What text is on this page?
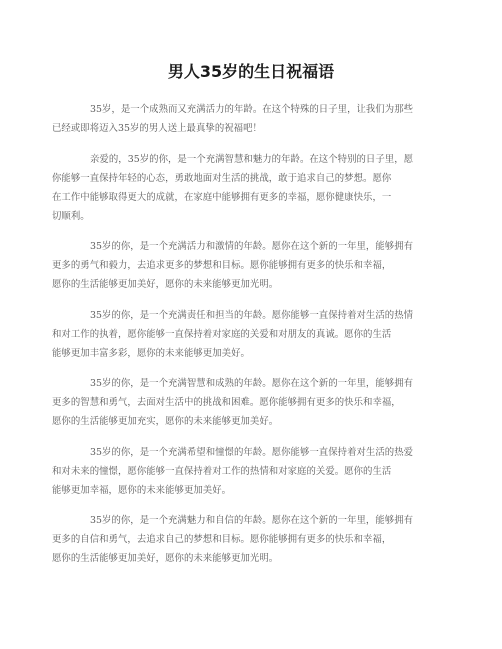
男人35岁的生日祝福语

35岁，是一个成熟而又充满活力的年龄。在这个特殊的日子里，让我们为那些
已经或即将迈入35岁的男人送上最真挚的祝福吧！

亲爱的，35岁的你，是一个充满智慧和魅力的年龄。在这个特别的日子里，愿
你能够一直保持年轻的心态，勇敢地面对生活的挑战，敢于追求自己的梦想。愿你
在工作中能够取得更大的成就，在家庭中能够拥有更多的幸福，愿你健康快乐，一
切顺利。

35岁的你，是一个充满活力和激情的年龄。愿你在这个新的一年里，能够拥有
更多的勇气和毅力，去追求更多的梦想和目标。愿你能够拥有更多的快乐和幸福，
愿你的生活能够更加美好，愿你的未来能够更加光明。

35岁的你，是一个充满责任和担当的年龄。愿你能够一直保持着对生活的热情
和对工作的执着，愿你能够一直保持着对家庭的关爱和对朋友的真诚。愿你的生活
能够更加丰富多彩，愿你的未来能够更加美好。

35岁的你，是一个充满智慧和成熟的年龄。愿你在这个新的一年里，能够拥有
更多的智慧和勇气，去面对生活中的挑战和困难。愿你能够拥有更多的快乐和幸福，
愿你的生活能够更加充实，愿你的未来能够更加美好。

35岁的你，是一个充满希望和憧憬的年龄。愿你能够一直保持着对生活的热爱
和对未来的憧憬，愿你能够一直保持着对工作的热情和对家庭的关爱。愿你的生活
能够更加幸福，愿你的未来能够更加美好。

35岁的你，是一个充满魅力和自信的年龄。愿你在这个新的一年里，能够拥有
更多的自信和勇气，去追求自己的梦想和目标。愿你能够拥有更多的快乐和幸福，
愿你的生活能够更加美好，愿你的未来能够更加光明。
